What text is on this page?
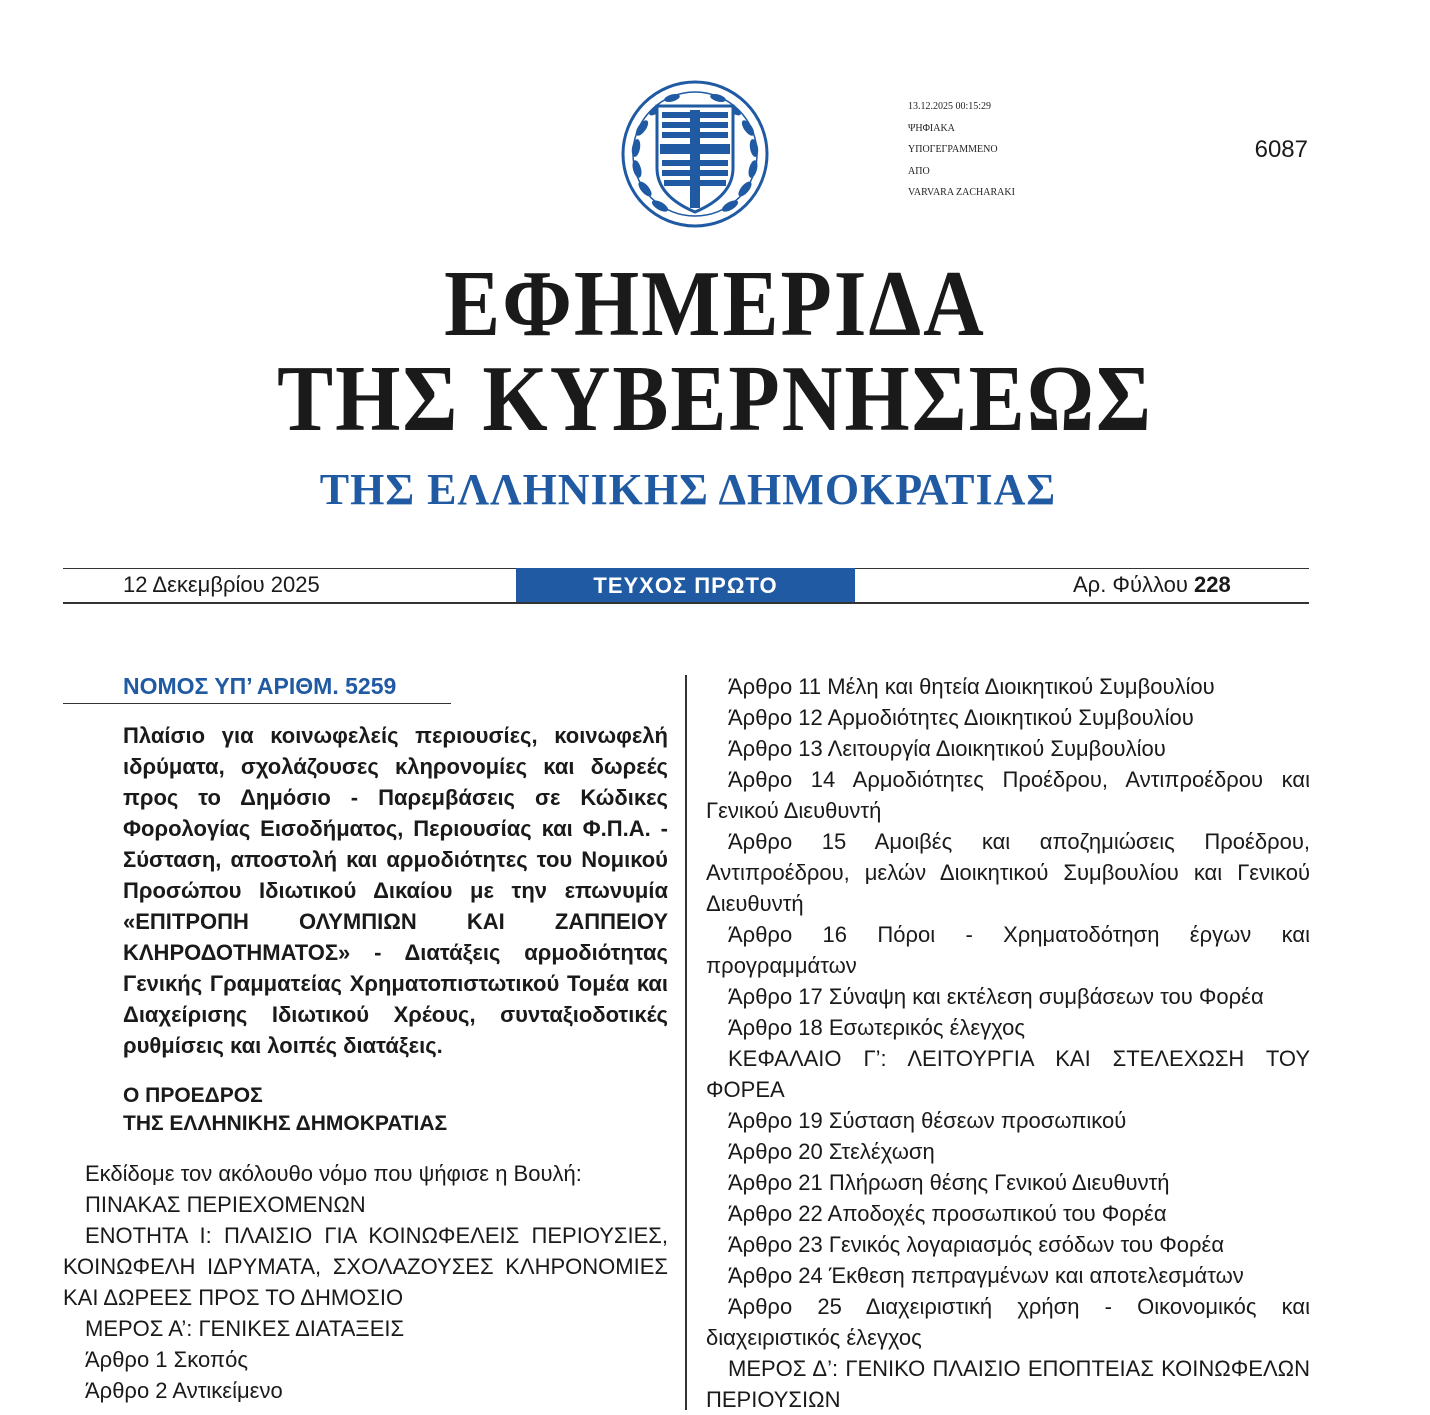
13.12.2025 00:15:29
ΨΗΦΙΑΚΑ
ΥΠΟΓΕΓΡΑΜΜΕΝΟ
ΑΠΟ
VARVARA ZACHARAKI
6087
ΕΦΗΜΕΡΙΔΑ
ΤΗΣ ΚΥΒΕΡΝΗΣΕΩΣ
ΤΗΣ ΕΛΛΗΝΙΚΗΣ ΔΗΜΟΚΡΑΤΙΑΣ
12 Δεκεμβρίου 2025	ΤΕΥΧΟΣ ΠΡΩΤΟ	Αρ. Φύλλου 228
ΝΟΜΟΣ ΥΠ’ ΑΡΙΘΜ. 5259
Πλαίσιο για κοινωφελείς περιουσίες, κοινωφελή ιδρύματα, σχολάζουσες κληρονομίες και δωρεές προς το Δημόσιο - Παρεμβάσεις σε Κώδικες Φορολογίας Εισοδήματος, Περιουσίας και Φ.Π.Α. - Σύσταση, αποστολή και αρμοδιότητες του Νομικού Προσώπου Ιδιωτικού Δικαίου με την επωνυμία «ΕΠΙΤΡΟΠΗ ΟΛΥΜΠΙΩΝ ΚΑΙ ΖΑΠΠΕΙΟΥ ΚΛΗΡΟΔΟΤΗΜΑΤΟΣ» - Διατάξεις αρμοδιότητας Γενικής Γραμματείας Χρηματοπιστωτικού Τομέα και Διαχείρισης Ιδιωτικού Χρέους, συνταξιοδοτικές ρυθμίσεις και λοιπές διατάξεις.
Ο ΠΡΟΕΔΡΟΣ
ΤΗΣ ΕΛΛΗΝΙΚΗΣ ΔΗΜΟΚΡΑΤΙΑΣ
Εκδίδομε τον ακόλουθο νόμο που ψήφισε η Βουλή:
ΠΙΝΑΚΑΣ ΠΕΡΙΕΧΟΜΕΝΩΝ
ΕΝΟΤΗΤΑ Ι: ΠΛΑΙΣΙΟ ΓΙΑ ΚΟΙΝΩΦΕΛΕΙΣ ΠΕΡΙΟΥΣΙΕΣ, ΚΟΙΝΩΦΕΛΗ ΙΔΡΥΜΑΤΑ, ΣΧΟΛΑΖΟΥΣΕΣ ΚΛΗΡΟΝΟΜΙΕΣ ΚΑΙ ΔΩΡΕΕΣ ΠΡΟΣ ΤΟ ΔΗΜΟΣΙΟ
ΜΕΡΟΣ Α’: ΓΕΝΙΚΕΣ ΔΙΑΤΑΞΕΙΣ
Άρθρο 1 Σκοπός
Άρθρο 2 Αντικείμενο
Άρθρο 11 Μέλη και θητεία Διοικητικού Συμβουλίου
Άρθρο 12 Αρμοδιότητες Διοικητικού Συμβουλίου
Άρθρο 13 Λειτουργία Διοικητικού Συμβουλίου
Άρθρο 14 Αρμοδιότητες Προέδρου, Αντιπροέδρου και Γενικού Διευθυντή
Άρθρο 15 Αμοιβές και αποζημιώσεις Προέδρου, Αντιπροέδρου, μελών Διοικητικού Συμβουλίου και Γενικού Διευθυντή
Άρθρο 16 Πόροι - Χρηματοδότηση έργων και προγραμμάτων
Άρθρο 17 Σύναψη και εκτέλεση συμβάσεων του Φορέα
Άρθρο 18 Εσωτερικός έλεγχος
ΚΕΦΑΛΑΙΟ Γ’: ΛΕΙΤΟΥΡΓΙΑ ΚΑΙ ΣΤΕΛΕΧΩΣΗ ΤΟΥ ΦΟΡΕΑ
Άρθρο 19 Σύσταση θέσεων προσωπικού
Άρθρο 20 Στελέχωση
Άρθρο 21 Πλήρωση θέσης Γενικού Διευθυντή
Άρθρο 22 Αποδοχές προσωπικού του Φορέα
Άρθρο 23 Γενικός λογαριασμός εσόδων του Φορέα
Άρθρο 24 Έκθεση πεπραγμένων και αποτελεσμάτων
Άρθρο 25 Διαχειριστική χρήση - Οικονομικός και διαχειριστικός έλεγχος
ΜΕΡΟΣ Δ’: ΓΕΝΙΚΟ ΠΛΑΙΣΙΟ ΕΠΟΠΤΕΙΑΣ ΚΟΙΝΩΦΕΛΩΝ ΠΕΡΙΟΥΣΙΩΝ
